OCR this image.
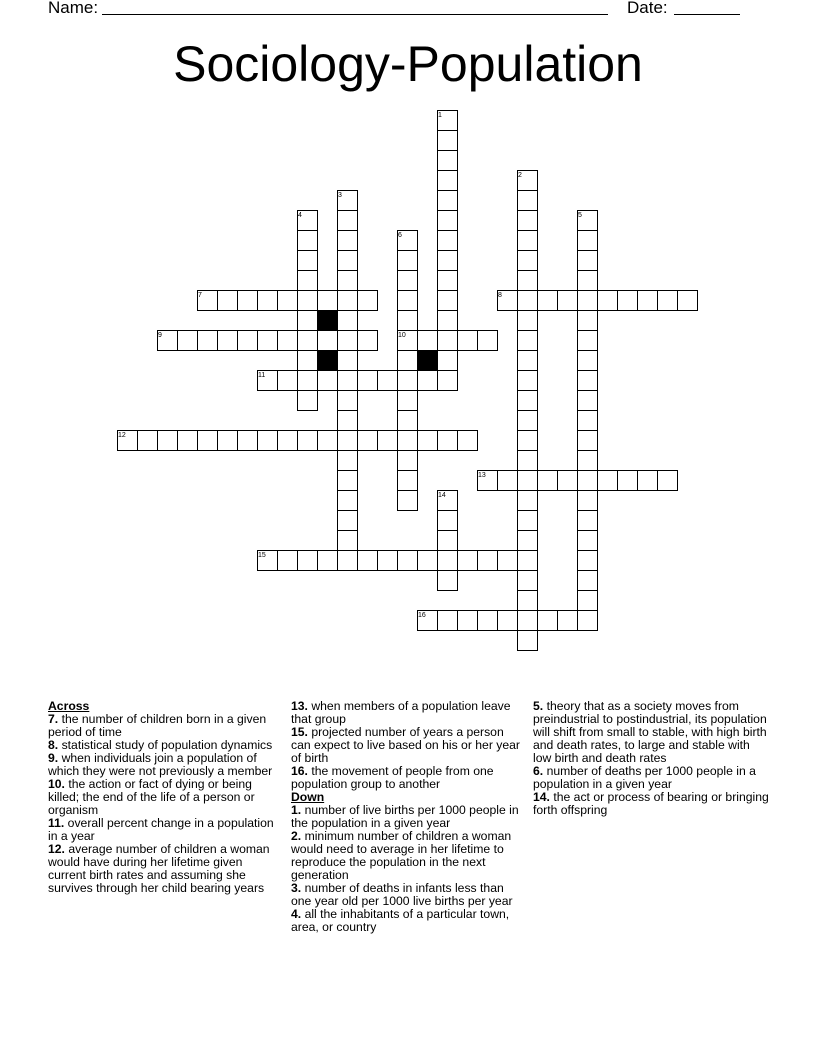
Name:	Date:
Sociology-Population
1
2
3
4	5
6
10
7	8
9
11
12
13
14
15
16
Across
7. the number of children born in a given period of time
8. statistical study of population dynamics
9. when individuals join a population of which they were not previously a member
10. the action or fact of dying or being killed; the end of the life of a person or organism
11. overall percent change in a population in a year
12. average number of children a woman would have during her lifetime given current birth rates and assuming she survives through her child bearing years
13. when members of a population leave that group
15. projected number of years a person can expect to live based on his or her year of birth
16. the movement of people from one population group to another
Down
1. number of live births per 1000 people in the population in a given year
2. minimum number of children a woman would need to average in her lifetime to reproduce the population in the next generation
3. number of deaths in infants less than one year old per 1000 live births per year
4. all the inhabitants of a particular town, area, or country
5. theory that as a society moves from preindustrial to postindustrial, its population will shift from small to stable, with high birth and death rates, to large and stable with low birth and death rates
6. number of deaths per 1000 people in a population in a given year
14. the act or process of bearing or bringing forth offspring
